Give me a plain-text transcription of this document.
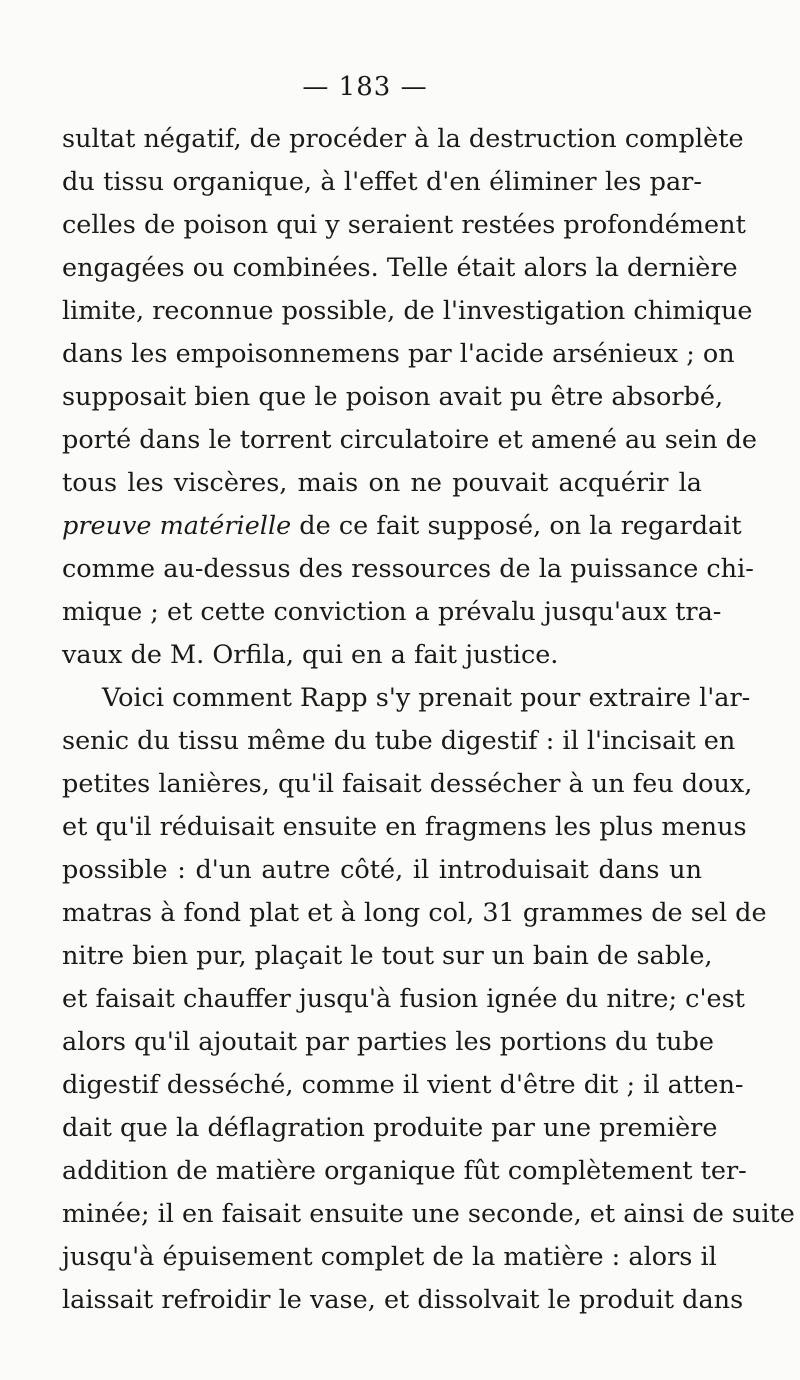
— 183 —
sultat négatif, de procéder à la destruction complète
du tissu organique, à l'effet d'en éliminer les par-
celles de poison qui y seraient restées profondément
engagées ou combinées. Telle était alors la dernière
limite, reconnue possible, de l'investigation chimique
dans les empoisonnemens par l'acide arsénieux ; on
supposait bien que le poison avait pu être absorbé,
porté dans le torrent circulatoire et amené au sein de
tous les viscères, mais on ne pouvait acquérir la
preuve matérielle de ce fait supposé, on la regardait
comme au-dessus des ressources de la puissance chi-
mique ; et cette conviction a prévalu jusqu'aux tra-
vaux de M. Orfila, qui en a fait justice.
Voici comment Rapp s'y prenait pour extraire l'ar-
senic du tissu même du tube digestif : il l'incisait en
petites lanières, qu'il faisait dessécher à un feu doux,
et qu'il réduisait ensuite en fragmens les plus menus
possible : d'un autre côté, il introduisait dans un
matras à fond plat et à long col, 31 grammes de sel de
nitre bien pur, plaçait le tout sur un bain de sable,
et faisait chauffer jusqu'à fusion ignée du nitre; c'est
alors qu'il ajoutait par parties les portions du tube
digestif desséché, comme il vient d'être dit ; il atten-
dait que la déflagration produite par une première
addition de matière organique fût complètement ter-
minée; il en faisait ensuite une seconde, et ainsi de suite
jusqu'à épuisement complet de la matière : alors il
laissait refroidir le vase, et dissolvait le produit dans
